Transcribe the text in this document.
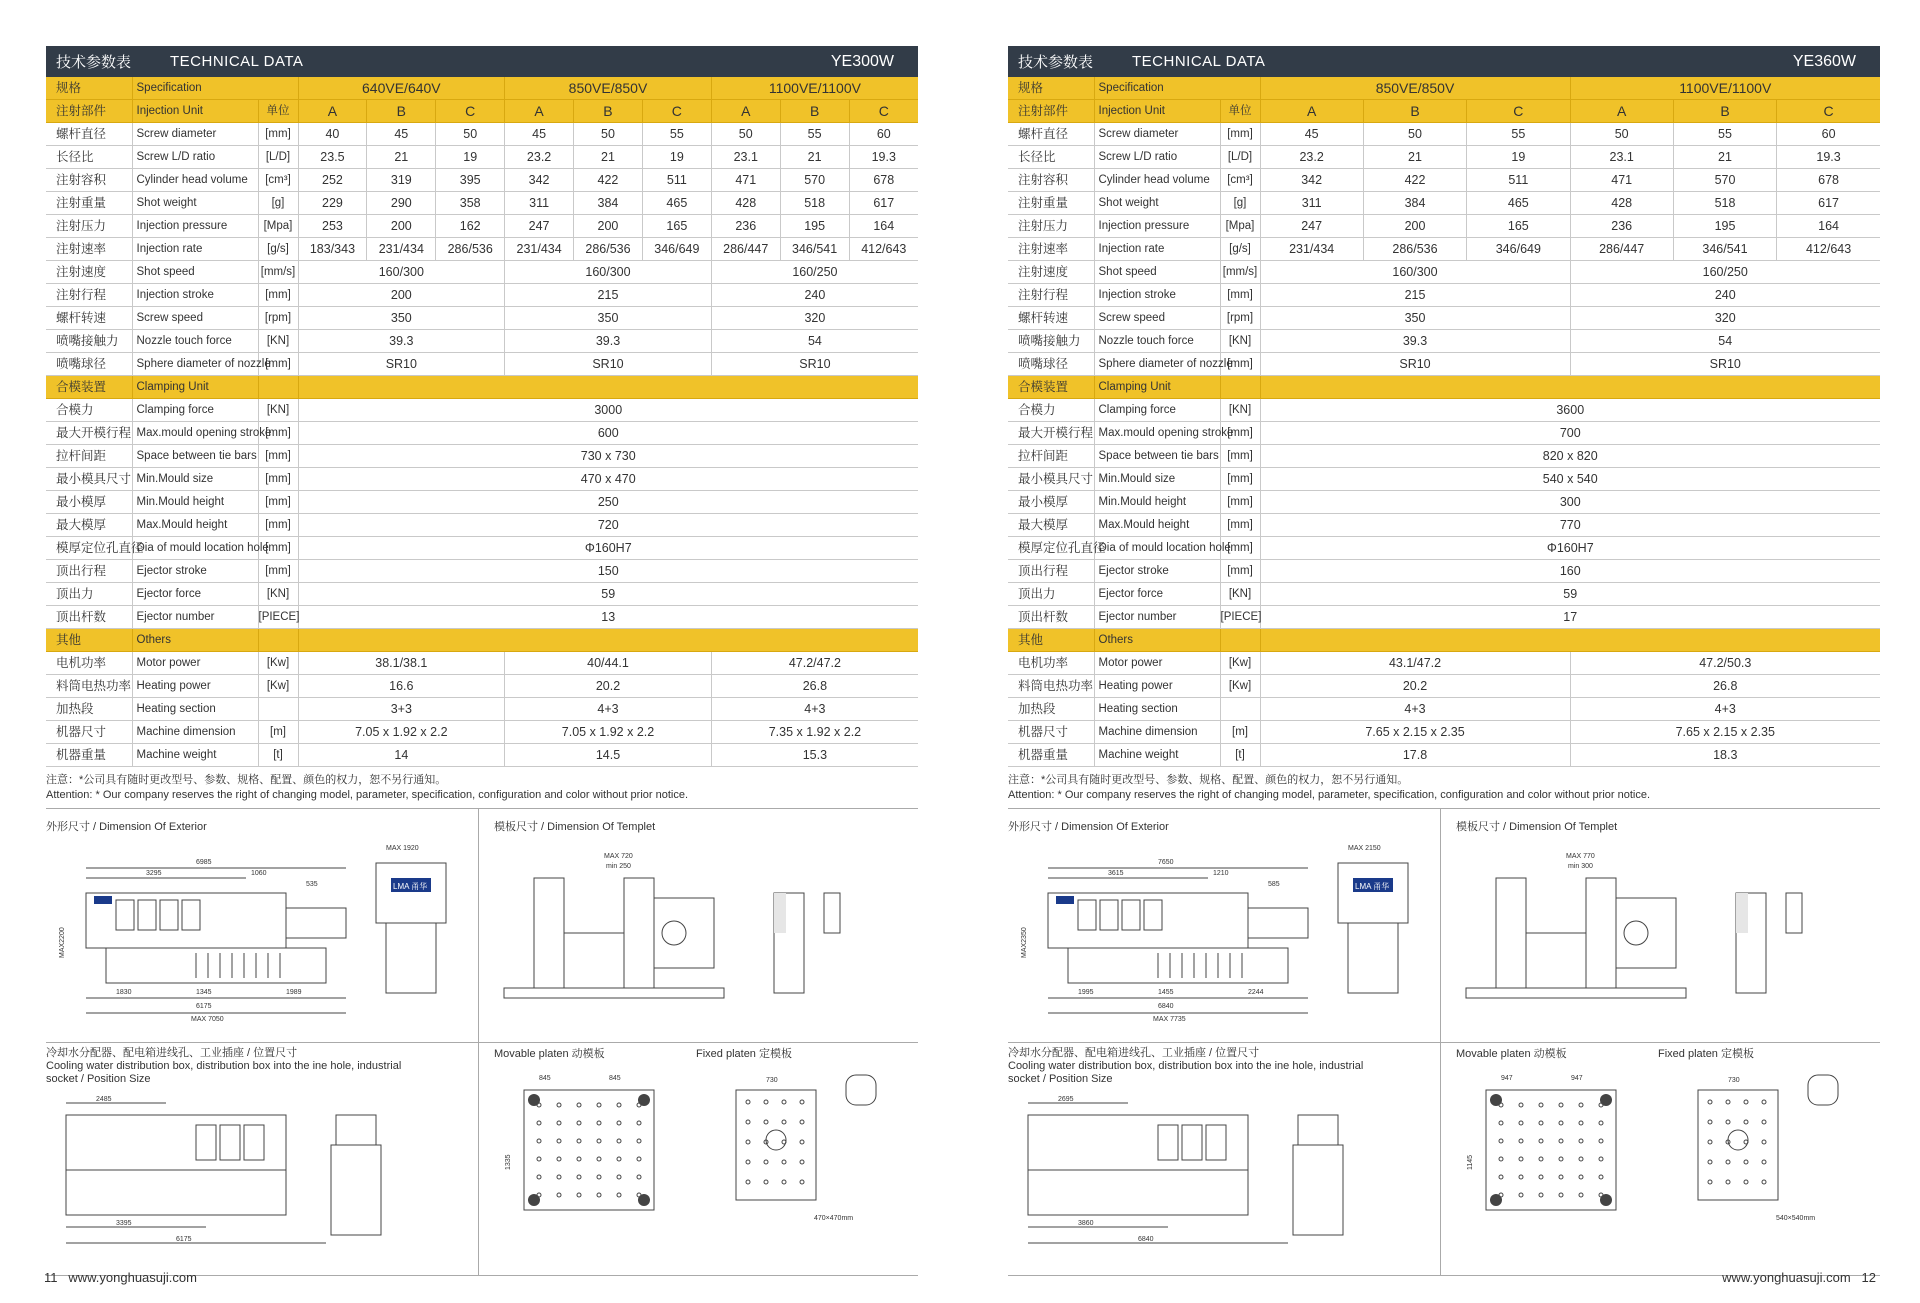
技术参数表	TECHNICAL DATA	YE300W
规格	Specification		640VE/640V			850VE/850V			1100VE/1100V		
注射部件	Injection Unit	单位	A	B	C	A	B	C	A	B	C
螺杆直径	Screw diameter	[mm]	40	45	50	45	50	55	50	55	60
长径比	Screw L/D ratio	[L/D]	23.5	21	19	23.2	21	19	23.1	21	19.3
注射容积	Cylinder head volume	[cm³]	252	319	395	342	422	511	471	570	678
注射重量	Shot weight	[g]	229	290	358	311	384	465	428	518	617
注射压力	Injection pressure	[Mpa]	253	200	162	247	200	165	236	195	164
注射速率	Injection rate	[g/s]	183/343	231/434	286/536	231/434	286/536	346/649	286/447	346/541	412/643
注射速度	Shot speed	[mm/s]	160/300			160/300			160/250		
注射行程	Injection stroke	[mm]	200			215			240		
螺杆转速	Screw speed	[rpm]	350			350			320		
喷嘴接触力	Nozzle touch force	[KN]	39.3			39.3			54		
喷嘴球径	Sphere diameter of nozzle	[mm]	SR10			SR10			SR10		
合模装置	Clamping Unit										
合模力	Clamping force	[KN]	3000								
最大开模行程	Max.mould opening stroke	[mm]	600								
拉杆间距	Space between tie bars	[mm]	730 x 730								
最小模具尺寸	Min.Mould size	[mm]	470 x 470								
最小模厚	Min.Mould height	[mm]	250								
最大模厚	Max.Mould height	[mm]	720								
模厚定位孔直径	Dia of mould location hole	[mm]	Φ160H7								
顶出行程	Ejector stroke	[mm]	150								
顶出力	Ejector force	[KN]	59								
顶出杆数	Ejector number	[PIECE]	13								
其他	Others										
电机功率	Motor power	[Kw]	38.1/38.1			40/44.1			47.2/47.2		
料筒电热功率	Heating power	[Kw]	16.6			20.2			26.8		
加热段	Heating section		3+3			4+3			4+3		
机器尺寸	Machine dimension	[m]	7.05 x 1.92 x 2.2			7.05 x 1.92 x 2.2			7.35 x 1.92 x 2.2		
机器重量	Machine weight	[t]	14			14.5			15.3		
注意：*公司具有随时更改型号、参数、规格、配置、颜色的权力，恕不另行通知。
Attention: * Our company reserves the right of changing model, parameter, specification, configuration and color without prior notice.
外形尺寸 / Dimension Of Exterior	模板尺寸 / Dimension Of Templet
冷却水分配器、配电箱进线孔、工业插座 / 位置尺寸
Cooling water distribution box, distribution box into the ine hole, industrial
socket / Position Size
Movable platen 动模板	Fixed platen 定模板
6985
3295	1060
535
1830	1345	1989
6175
MAX 7050
MAX2200
LMA 甬华
MAX 1920
MAX 720
min 250
2485
3395
6175
845	845
1335
730
470×470mm
11 www.yonghuasuji.com
技术参数表	TECHNICAL DATA	YE360W
规格	Specification		850VE/850V			1100VE/1100V		
注射部件	Injection Unit	单位	A	B	C	A	B	C
螺杆直径	Screw diameter	[mm]	45	50	55	50	55	60
长径比	Screw L/D ratio	[L/D]	23.2	21	19	23.1	21	19.3
注射容积	Cylinder head volume	[cm³]	342	422	511	471	570	678
注射重量	Shot weight	[g]	311	384	465	428	518	617
注射压力	Injection pressure	[Mpa]	247	200	165	236	195	164
注射速率	Injection rate	[g/s]	231/434	286/536	346/649	286/447	346/541	412/643
注射速度	Shot speed	[mm/s]	160/300			160/250		
注射行程	Injection stroke	[mm]	215			240		
螺杆转速	Screw speed	[rpm]	350			320		
喷嘴接触力	Nozzle touch force	[KN]	39.3			54		
喷嘴球径	Sphere diameter of nozzle	[mm]	SR10			SR10		
合模装置	Clamping Unit							
合模力	Clamping force	[KN]	3600					
最大开模行程	Max.mould opening stroke	[mm]	700					
拉杆间距	Space between tie bars	[mm]	820 x 820					
最小模具尺寸	Min.Mould size	[mm]	540 x 540					
最小模厚	Min.Mould height	[mm]	300					
最大模厚	Max.Mould height	[mm]	770					
模厚定位孔直径	Dia of mould location hole	[mm]	Φ160H7					
顶出行程	Ejector stroke	[mm]	160					
顶出力	Ejector force	[KN]	59					
顶出杆数	Ejector number	[PIECE]	17					
其他	Others							
电机功率	Motor power	[Kw]	43.1/47.2			47.2/50.3		
料筒电热功率	Heating power	[Kw]	20.2			26.8		
加热段	Heating section		4+3			4+3		
机器尺寸	Machine dimension	[m]	7.65 x 2.15 x 2.35			7.65 x 2.15 x 2.35		
机器重量	Machine weight	[t]	17.8			18.3		
注意：*公司具有随时更改型号、参数、规格、配置、颜色的权力，恕不另行通知。
Attention: * Our company reserves the right of changing model, parameter, specification, configuration and color without prior notice.
外形尺寸 / Dimension Of Exterior	模板尺寸 / Dimension Of Templet
冷却水分配器、配电箱进线孔、工业插座 / 位置尺寸
Cooling water distribution box, distribution box into the ine hole, industrial
socket / Position Size
Movable platen 动模板	Fixed platen 定模板
7650
3615	1210
585
1995	1455	2244
6840
MAX 7735
MAX2350
LMA 甬华
MAX 2150
MAX 770
min 300
2695
3860
6840
947	947
1145
730
540×540mm
www.yonghuasuji.com 12
